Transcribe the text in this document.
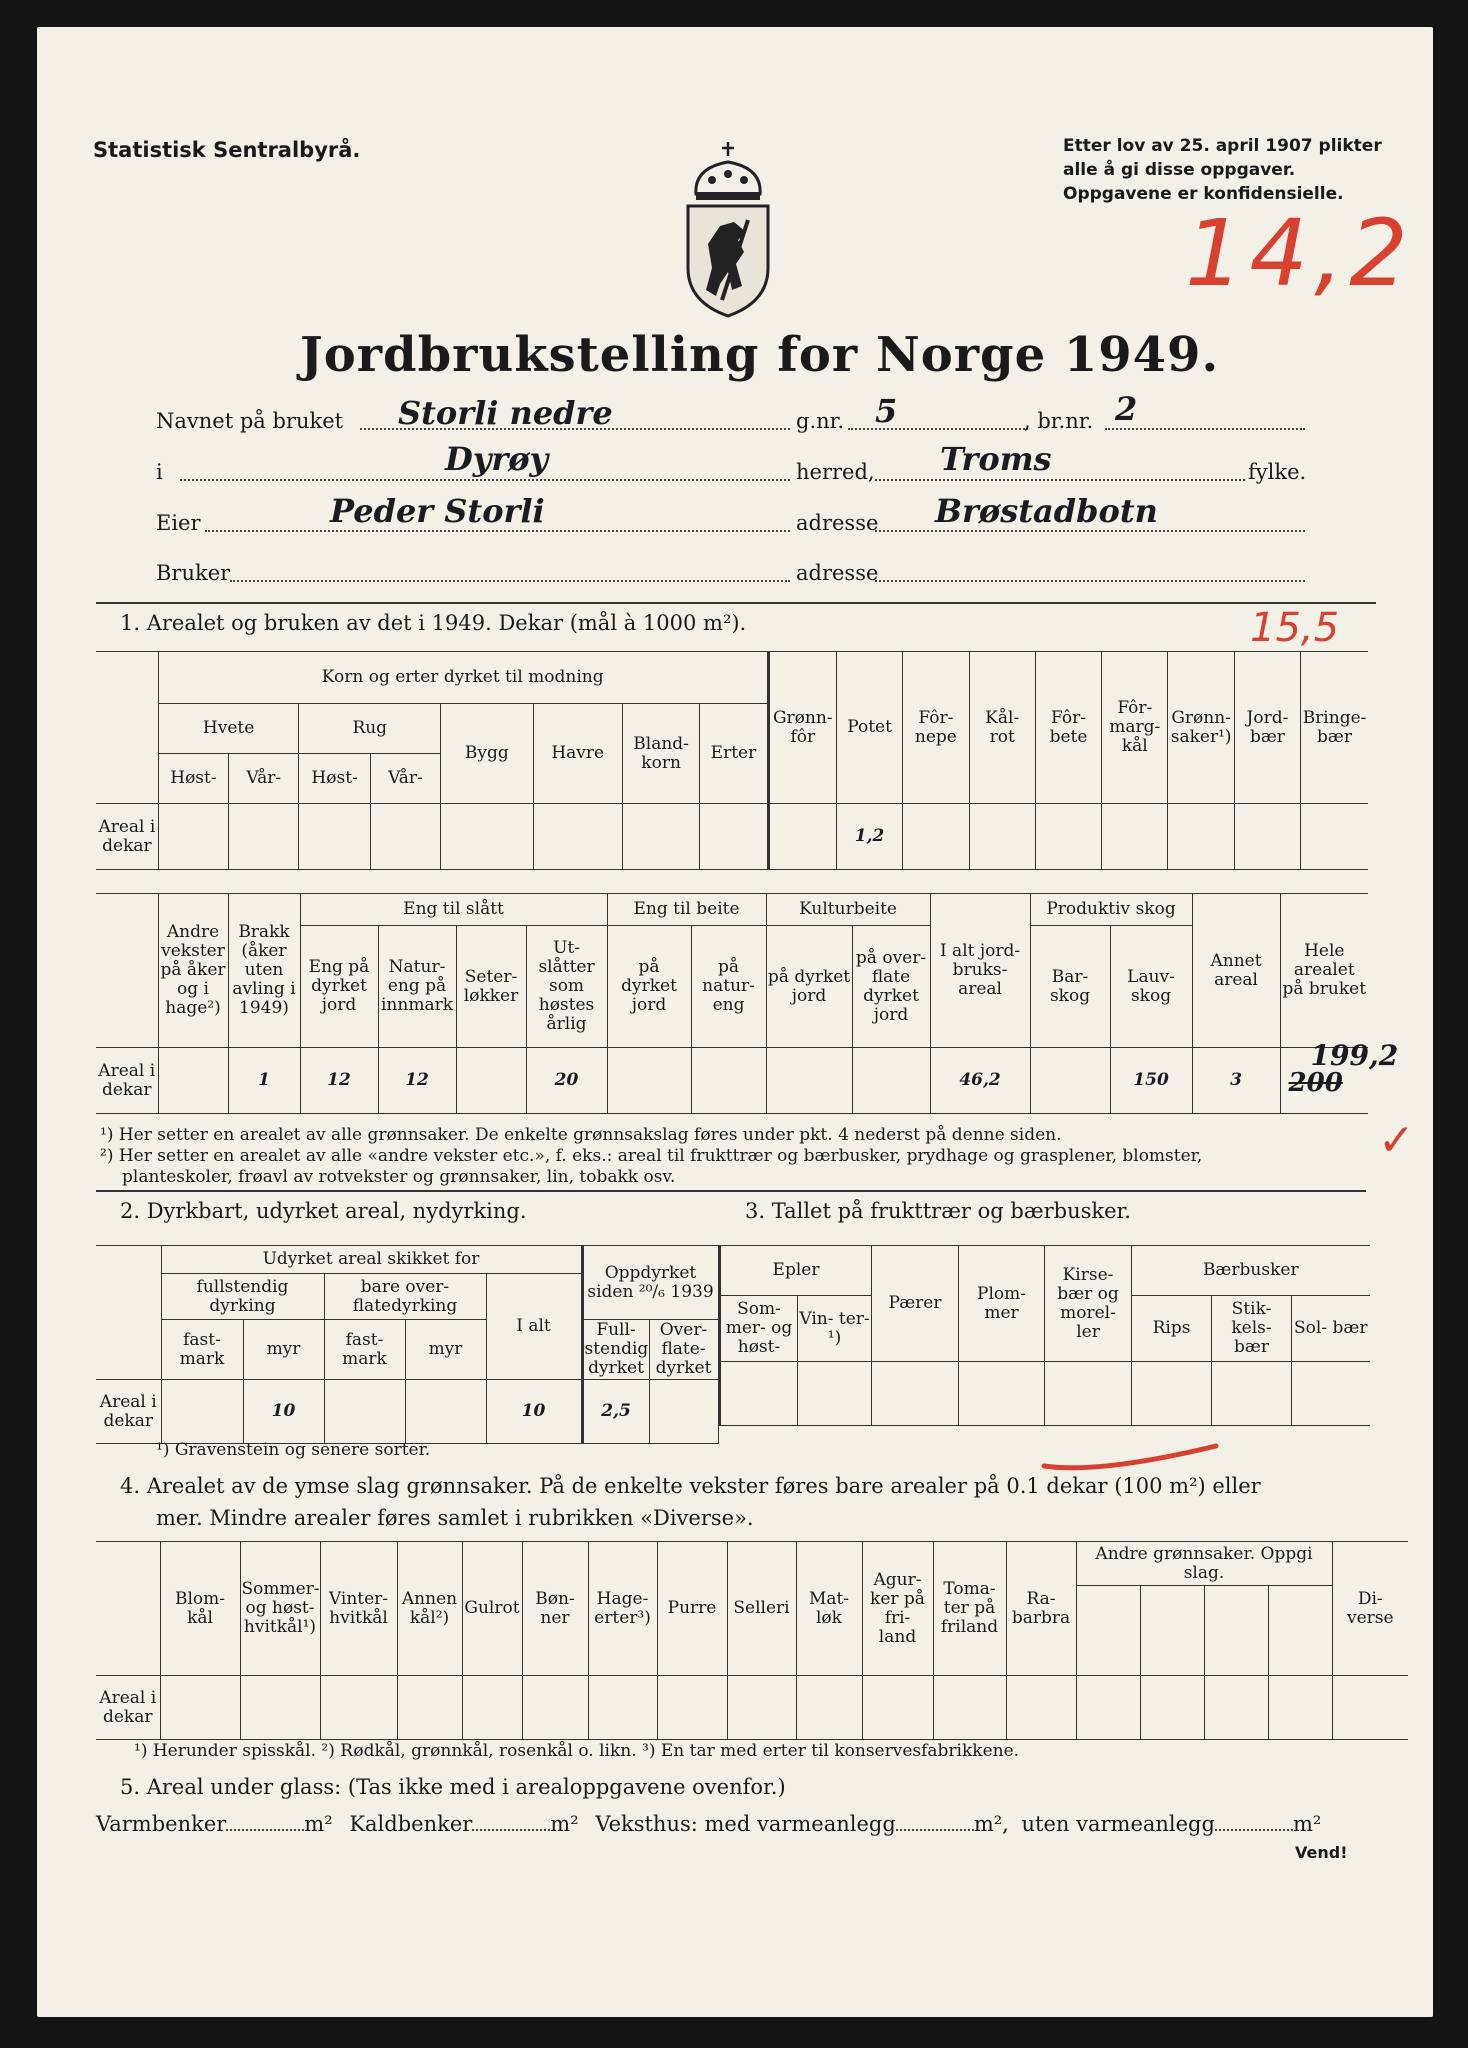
Statistisk Sentralbyrå.	Etter lov av 25. april 1907 plikter
alle å gi disse oppgaver.
Oppgavene er konfidensielle.
14,2
Jordbrukstelling for Norge 1949.
Navnet på bruket Storli nedre	g.nr. 5	, br.nr. 2
i	Dyrøy	herred, Troms	fylke.
Eier	Peder Storli	adresse Brøstadbotn
Bruker	adresse
1. Arealet og bruken av det i 1949. Dekar (mål à 1000 m²).	15,5
	Korn og erter dyrket til modning								Grønn- fôr	Potet	Fôr- nepe	Kål- rot	Fôr- bete	Fôr- marg- kål	Grønn- saker¹)	Jord- bær	Bringe- bær
	Hvete		Rug		Bygg	Havre	Bland- korn	Erter									
	Høst-	Vår-	Høst-	Vår-													
Areal i dekar										1,2							
	Andre vekster på åker og i hage²)	Brakk (åker uten avling i 1949)	Eng til slått				Eng til beite		Kulturbeite		I alt jord- bruks- areal	Produktiv skog		Annet areal	Hele arealet på bruket
			Eng på dyrket jord	Natur- eng på innmark	Seter- løkker	Ut- slåtter som høstes årlig	på dyrket jord	på natur- eng	på dyrket jord	på over- flate dyrket jord		Bar- skog	Lauv- skog		
Areal i dekar		1	12	12		20					46,2		150	3	200
199,2
✓
¹) Her setter en arealet av alle grønnsaker. De enkelte grønnsakslag føres under pkt. 4 nederst på denne siden.
²) Her setter en arealet av alle «andre vekster etc.», f. eks.: areal til frukttrær og bærbusker, prydhage og grasplener, blomster,
planteskoler, frøavl av rotvekster og grønnsaker, lin, tobakk osv.
2. Dyrkbart, udyrket areal, nydyrking.	3. Tallet på frukttrær og bærbusker.
	Udyrket areal skikket for					Oppdyrket siden ²⁰/₆ 1939	
	fullstendig dyrking		bare over- flatedyrking		I alt		
	fast- mark	myr	fast- mark	myr		Full- stendig dyrket	Over- flate- dyrket
Areal i dekar		10			10	2,5	
Epler		Pærer	Plom- mer	Kirse- bær og morel- ler	Bærbusker		
Som- mer- og høst-	Vin- ter-¹)				Rips	Stik- kels- bær	Sol- bær

¹) Gravenstein og senere sorter.
4. Arealet av de ymse slag grønnsaker. På de enkelte vekster føres bare arealer på 0.1 dekar (100 m²) eller
mer. Mindre arealer føres samlet i rubrikken «Diverse».
	Blom- kål	Sommer- og høst- hvitkål¹)	Vinter- hvitkål	Annen kål²)	Gulrot	Bøn- ner	Hage- erter³)	Purre	Selleri	Mat- løk	Agur- ker på fri- land	Toma- ter på friland	Ra- barbra	Andre grønnsaker. Oppgi slag.				Di- verse

Areal i dekar																		
¹) Herunder spisskål. ²) Rødkål, grønnkål, rosenkål o. likn. ³) En tar med erter til konservesfabrikkene.
5. Areal under glass: (Tas ikke med i arealoppgavene ovenfor.)
Varmbenker	m² Kaldbenker	m² Veksthus: med varmeanlegg	m², uten varmeanlegg	m²
Vend!
